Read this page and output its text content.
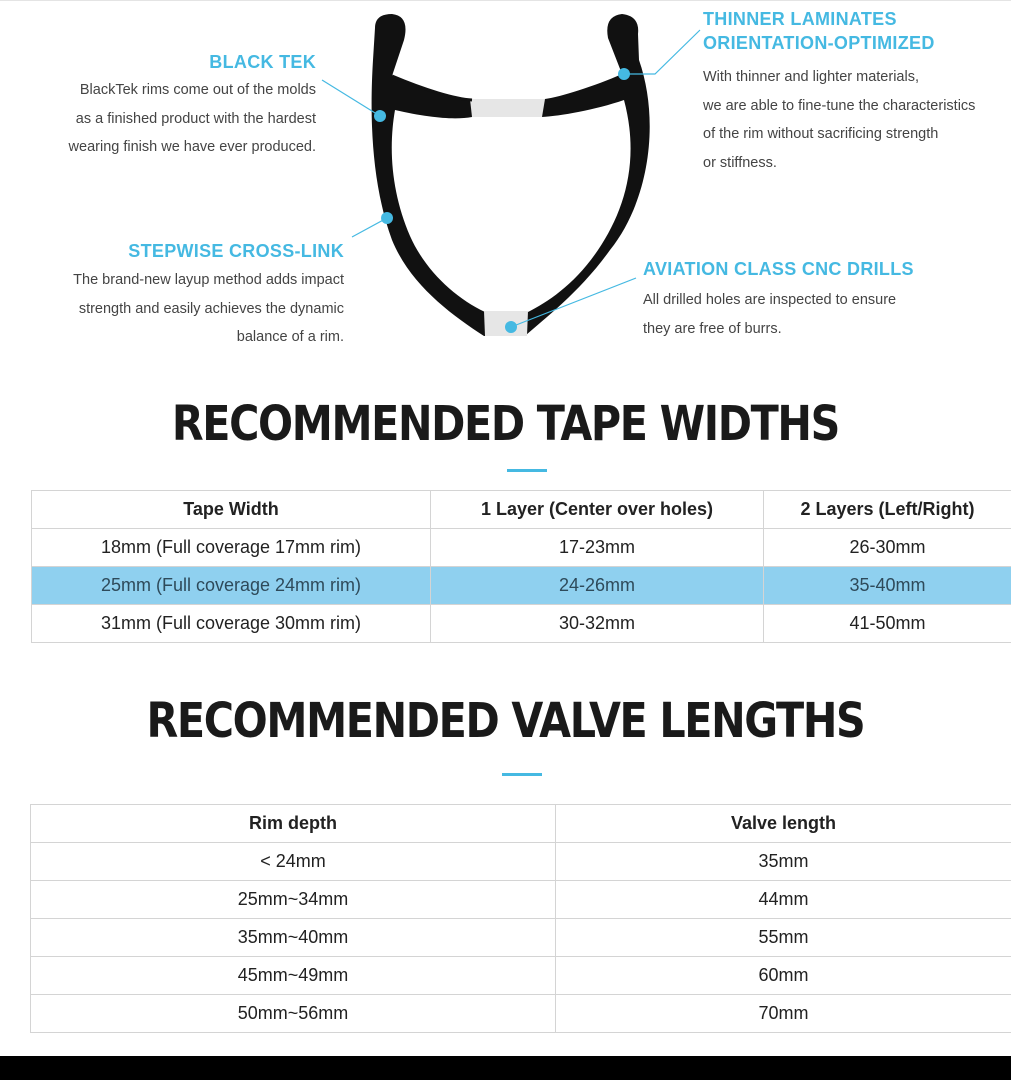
BLACK TEK

BlackTek rims come out of the molds

as a finished product with the hardest

wearing finish we have ever produced.

STEPWISE CROSS-LINK

The brand-new layup method adds impact

strength and easily achieves the dynamic

balance of a rim.

THINNER LAMINATES
ORIENTATION-OPTIMIZED

With thinner and lighter materials,

we are able to fine-tune the characteristics

of the rim without sacrificing strength

or stiffness.

AVIATION CLASS CNC DRILLS

All drilled holes are inspected to ensure

they are free of burrs.

RECOMMENDED TAPE WIDTHS
Tape Width	1 Layer (Center over holes)	2 Layers (Left/Right)
18mm (Full coverage 17mm rim)	17-23mm	26-30mm
25mm (Full coverage 24mm rim)	24-26mm	35-40mm
31mm (Full coverage 30mm rim)	30-32mm	41-50mm
RECOMMENDED VALVE LENGTHS
Rim depth	Valve length
< 24mm	35mm
25mm~34mm	44mm
35mm~40mm	55mm
45mm~49mm	60mm
50mm~56mm	70mm
